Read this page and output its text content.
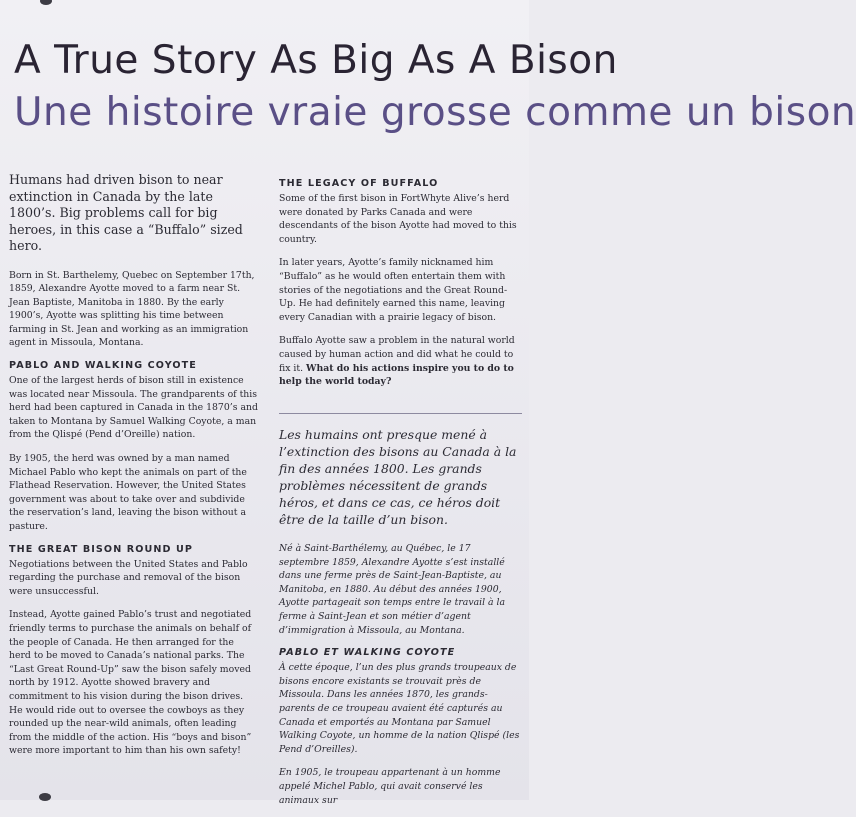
A True Story As Big As A Bison
Une histoire vraie grosse comme un bison

Humans had driven bison to near extinction in Canada by the late 1800’s. Big problems call for big heroes, in this case a “Buffalo” sized hero.

Born in St. Barthelemy, Quebec on September 17th, 1859, Alexandre Ayotte moved to a farm near St. Jean Baptiste, Manitoba in 1880. By the early 1900’s, Ayotte was splitting his time between farming in St. Jean and working as an immigration agent in Missoula, Montana.

PABLO AND WALKING COYOTE

One of the largest herds of bison still in existence was located near Missoula. The grandparents of this herd had been captured in Canada in the 1870’s and taken to Montana by Samuel Walking Coyote, a man from the Qlispé (Pend d’Oreille) nation.

By 1905, the herd was owned by a man named Michael Pablo who kept the animals on part of the Flathead Reservation. However, the United States government was about to take over and subdivide the reservation’s land, leaving the bison without a pasture.

THE GREAT BISON ROUND UP

Negotiations between the United States and Pablo regarding the purchase and removal of the bison were unsuccessful.

Instead, Ayotte gained Pablo’s trust and negotiated friendly terms to purchase the animals on behalf of the people of Canada. He then arranged for the herd to be moved to Canada’s national parks. The “Last Great Round-Up” saw the bison safely moved north by 1912. Ayotte showed bravery and commitment to his vision during the bison drives. He would ride out to oversee the cowboys as they rounded up the near-wild animals, often leading from the middle of the action. His “boys and bison” were more important to him than his own safety!

THE LEGACY OF BUFFALO

Some of the first bison in FortWhyte Alive’s herd were donated by Parks Canada and were descendants of the bison Ayotte had moved to this country.

In later years, Ayotte’s family nicknamed him “Buffalo” as he would often entertain them with stories of the negotiations and the Great Round-Up. He had definitely earned this name, leaving every Canadian with a prairie legacy of bison.

Buffalo Ayotte saw a problem in the natural world caused by human action and did what he could to fix it. What do his actions inspire you to do to help the world today?

Les humains ont presque mené à l’extinction des bisons au Canada à la fin des années 1800. Les grands problèmes nécessitent de grands héros, et dans ce cas, ce héros doit être de la taille d’un bison.

Né à Saint-Barthélemy, au Québec, le 17 septembre 1859, Alexandre Ayotte s’est installé dans une ferme près de Saint-Jean-Baptiste, au Manitoba, en 1880. Au début des années 1900, Ayotte partageait son temps entre le travail à la ferme à Saint-Jean et son métier d’agent d’immigration à Missoula, au Montana.

PABLO ET WALKING COYOTE

À cette époque, l’un des plus grands troupeaux de bisons encore existants se trouvait près de Missoula. Dans les années 1870, les grands-parents de ce troupeau avaient été capturés au Canada et emportés au Montana par Samuel Walking Coyote, un homme de la nation Qlispé (les Pend d’Oreilles).

En 1905, le troupeau appartenant à un homme appelé Michel Pablo, qui avait conservé les animaux sur
